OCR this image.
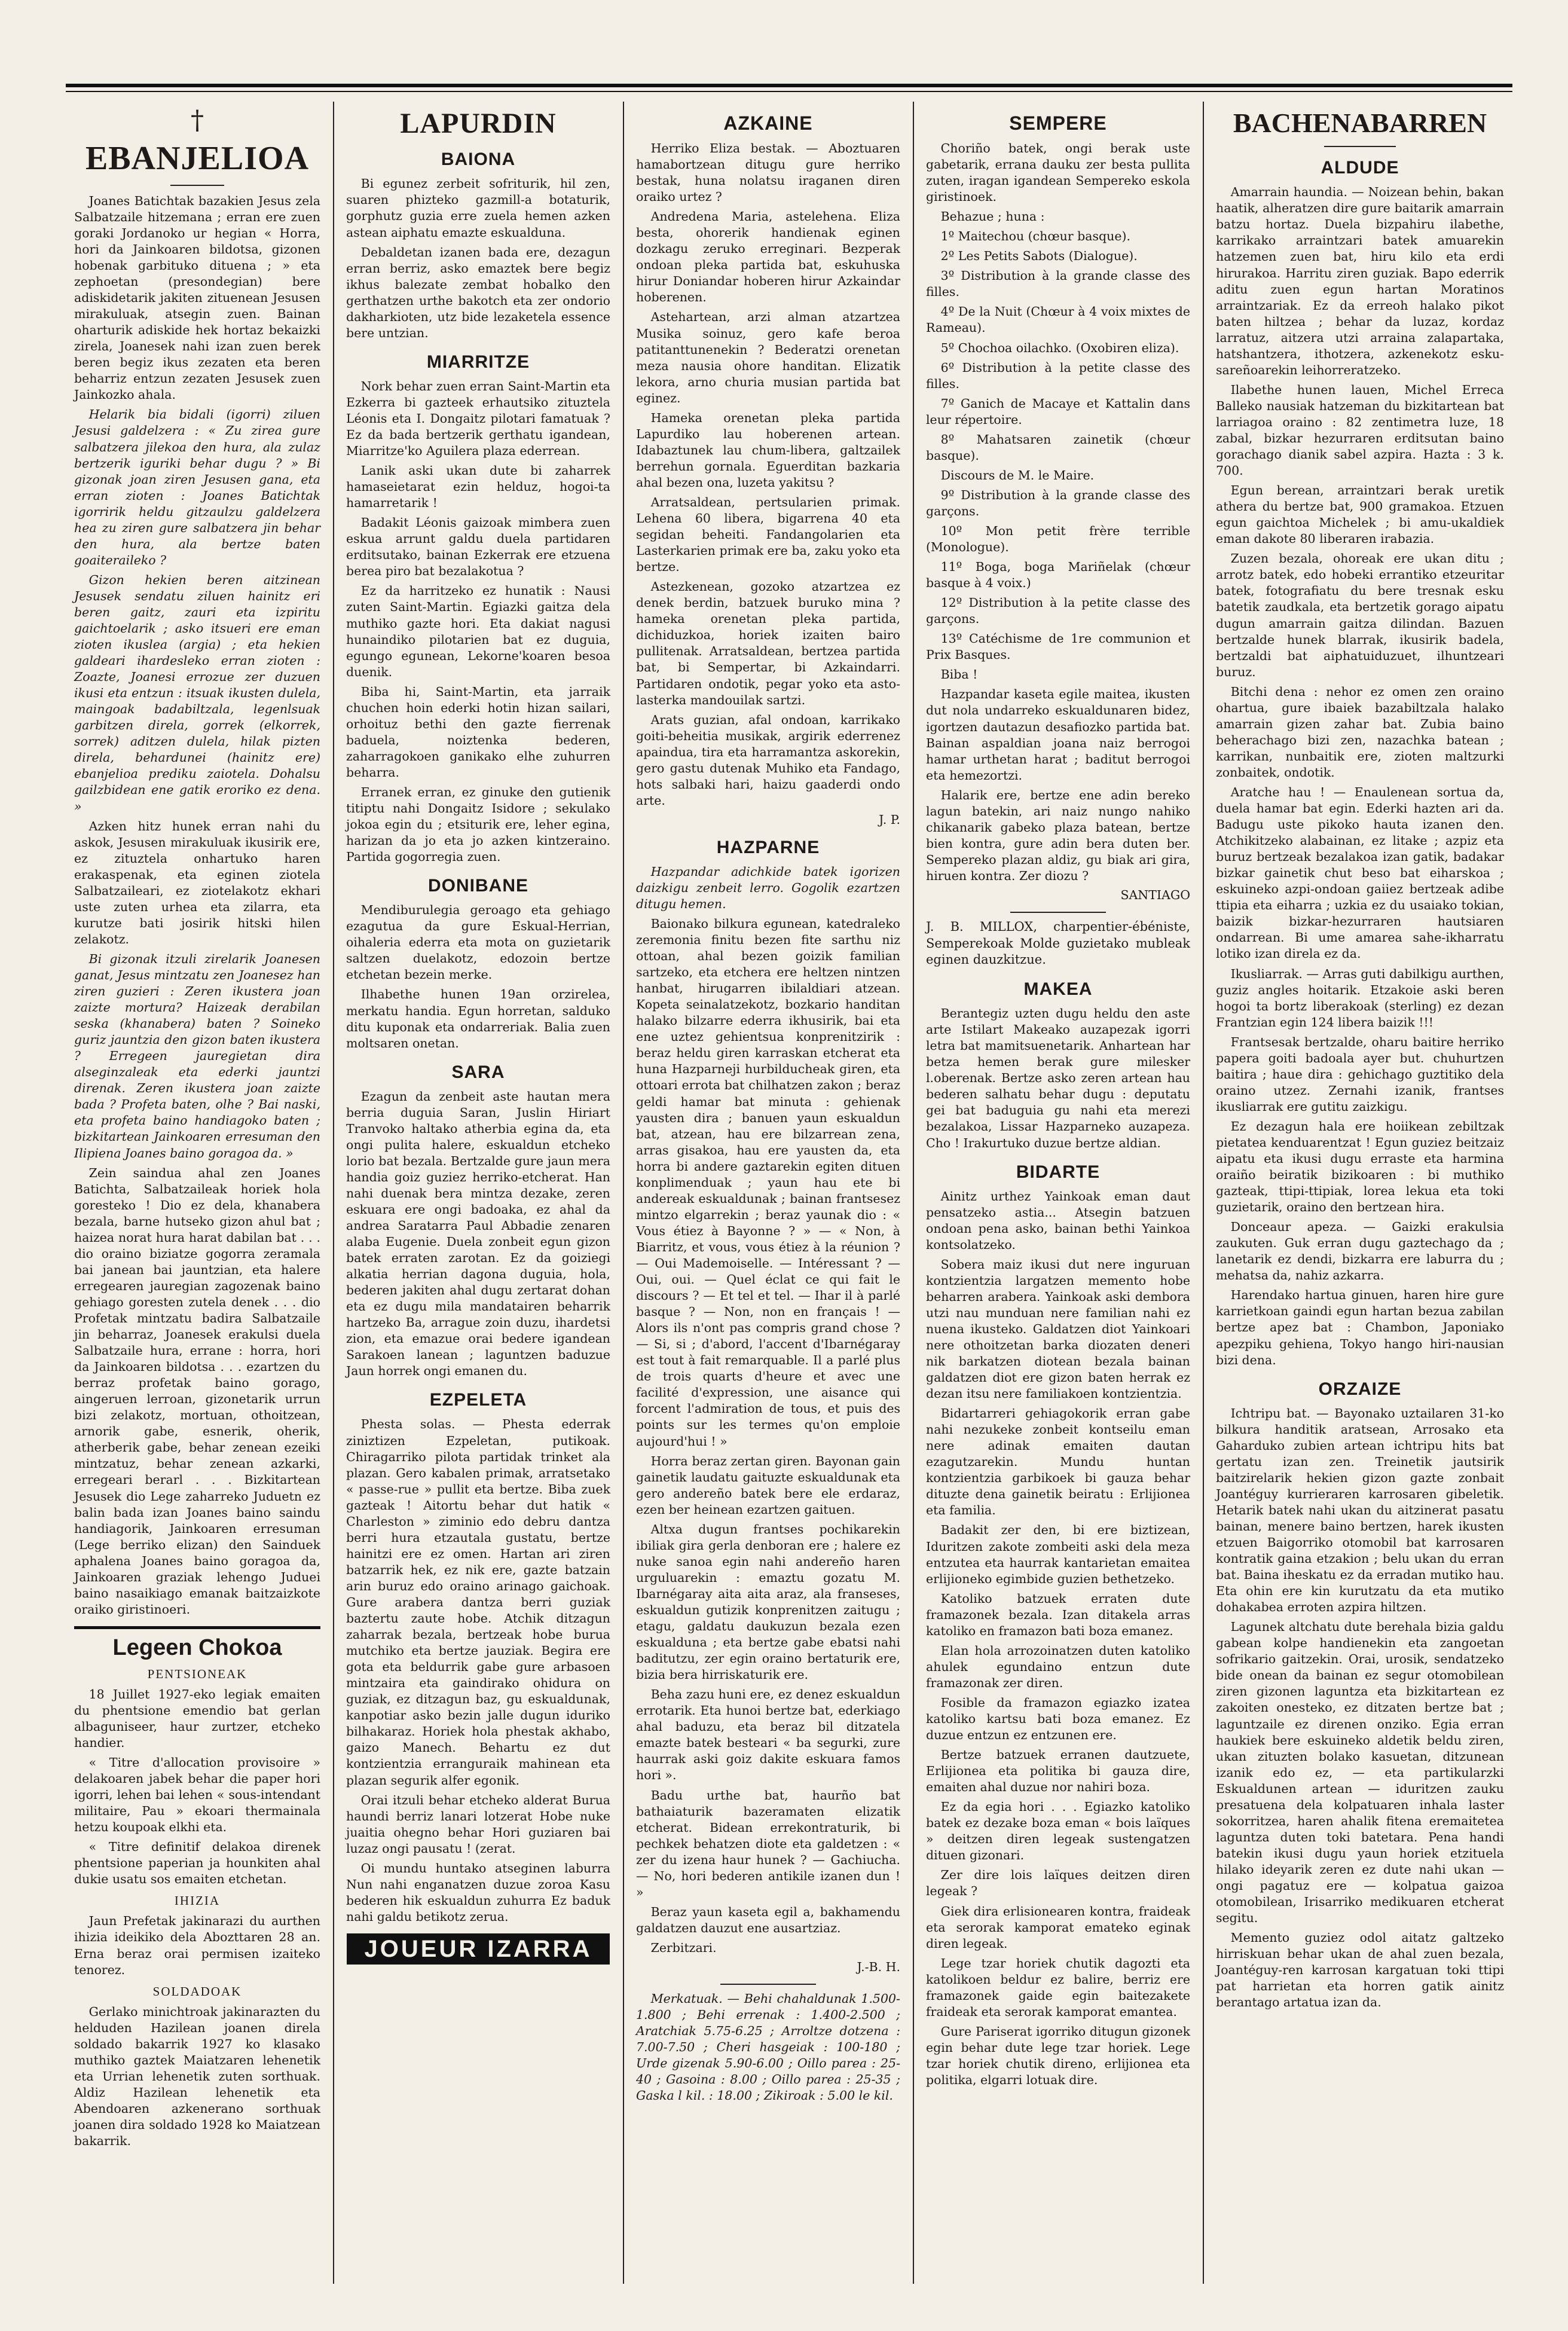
†
EBANJELIOA

Joanes Batichtak bazakien Jesus zela Salbatzaile hitzemana ; erran ere zuen goraki Jordanoko ur hegian « Horra, hori da Jainkoaren bildotsa, gizonen hobenak garbituko dituena ; » eta zephoetan (presondegian) bere adiskidetarik jakiten zituenean Jesusen mirakuluak, atsegin zuen. Bainan oharturik adiskide hek hortaz bekaizki zirela, Joanesek nahi izan zuen berek beren begiz ikus zezaten eta beren beharriz entzun zezaten Jesusek zuen Jainkozko ahala.

Helarik bia bidali (igorri) ziluen Jesusi galdelzera : « Zu zirea gure salbatzera jilekoa den hura, ala zulaz bertzerik iguriki behar dugu ? » Bi gizonak joan ziren Jesusen gana, eta erran zioten : Joanes Batichtak igorririk heldu gitzaulzu galdelzera hea zu ziren gure salbatzera jin behar den hura, ala bertze baten goaiteraileko ?

Gizon hekien beren aitzinean Jesusek sendatu ziluen hainitz eri beren gaitz, zauri eta izpiritu gaichtoelarik ; asko itsueri ere eman zioten ikuslea (argia) ; eta hekien galdeari ihardesleko erran zioten : Zoazte, Joanesi errozue zer duzuen ikusi eta entzun : itsuak ikusten dulela, maingoak badabiltzala, legenlsuak garbitzen direla, gorrek (elkorrek, sorrek) aditzen dulela, hilak pizten direla, behardunei (hainitz ere) ebanjelioa prediku zaiotela. Dohalsu gailzbidean ene gatik eroriko ez dena. »

Azken hitz hunek erran nahi du askok, Jesusen mirakuluak ikusirik ere, ez zituztela onhartuko haren erakaspenak, eta eginen ziotela Salbatzaileari, ez ziotelakotz ekhari uste zuten urhea eta zilarra, eta kurutze bati josirik hitski hilen zelakotz.

Bi gizonak itzuli zirelarik Joanesen ganat, Jesus mintzatu zen Joanesez han ziren guzieri : Zeren ikustera joan zaizte mortura? Haizeak derabilan seska (khanabera) baten ? Soineko guriz jauntzia den gizon baten ikustera ? Erregeen jauregietan dira alseginzaleak eta ederki jauntzi direnak. Zeren ikustera joan zaizte bada ? Profeta baten, olhe ? Bai naski, eta profeta baino handiagoko baten ; bizkitartean Jainkoaren erresuman den Ilipiena Joanes baino goragoa da. »

Zein saindua ahal zen Joanes Batichta, Salbatzaileak horiek hola goresteko ! Dio ez dela, khanabera bezala, barne hutseko gizon ahul bat ; haizea norat hura harat dabilan bat . . . dio oraino biziatze gogorra zeramala bai janean bai jauntzian, eta halere erregearen jauregian zagozenak baino gehiago goresten zutela denek . . . dio Profetak mintzatu badira Salbatzaile jin beharraz, Joanesek erakulsi duela Salbatzaile hura, errane : horra, hori da Jainkoaren bildotsa . . . ezartzen du berraz profetak baino gorago, aingeruen lerroan, gizonetarik urrun bizi zelakotz, mortuan, othoitzean, arnorik gabe, esnerik, oherik, atherberik gabe, behar zenean ezeiki mintzatuz, behar zenean azkarki, erregeari berarl . . . Bizkitartean Jesusek dio Lege zaharreko Juduetn ez balin bada izan Joanes baino saindu handiagorik, Jainkoaren erresuman (Lege berriko elizan) den Sainduek aphalena Joanes baino goragoa da, Jainkoaren graziak lehengo Juduei baino nasaikiago emanak baitzaizkote oraiko giristinoeri.

Legeen Chokoa
PENTSIONEAK

18 Juillet 1927-eko legiak emaiten du phentsione emendio bat gerlan albaguniseer, haur zurtzer, etcheko handier.

« Titre d'allocation provisoire » delakoaren jabek behar die paper hori igorri, lehen bai lehen « sous-intendant militaire, Pau » ekoari thermainala hetzu koupoak elkhi eta.

« Titre definitif delakoa direnek phentsione paperian ja hounkiten ahal dukie usatu sos emaiten etchetan.

IHIZIA

Jaun Prefetak jakinarazi du aurthen ihizia ideikiko dela Abozttaren 28 an. Erna beraz orai permisen izaiteko tenorez.

SOLDADOAK

Gerlako minichtroak jakinarazten du helduden Hazilean joanen direla soldado bakarrik 1927 ko klasako muthiko gaztek Maiatzaren lehenetik eta Urrian lehenetik zuten sorthuak. Aldiz Hazilean lehenetik eta Abendoaren azkenerano sorthuak joanen dira soldado 1928 ko Maiatzean bakarrik.

LAPURDIN
BAIONA

Bi egunez zerbeit sofriturik, hil zen, suaren phizteko gazmill-a botaturik, gorphutz guzia erre zuela hemen azken astean aiphatu emazte eskualduna.

Debaldetan izanen bada ere, dezagun erran berriz, asko emaztek bere begiz ikhus balezate zembat hobalko den gerthatzen urthe bakotch eta zer ondorio dakharkioten, utz bide lezaketela essence bere untzian.

MIARRITZE

Nork behar zuen erran Saint-Martin eta Ezkerra bi gazteek erhautsiko zituztela Léonis eta I. Dongaitz pilotari famatuak ? Ez da bada bertzerik gerthatu igandean, Miarritze'ko Aguilera plaza ederrean.

Lanik aski ukan dute bi zaharrek hamaseietarat ezin helduz, hogoi-ta hamarretarik !

Badakit Léonis gaizoak mimbera zuen eskua arrunt galdu duela partidaren erditsutako, bainan Ezkerrak ere etzuena berea piro bat bezalakotua ?

Ez da harritzeko ez hunatik : Nausi zuten Saint-Martin. Egiazki gaitza dela muthiko gazte hori. Eta dakiat nagusi hunaindiko pilotarien bat ez duguia, egungo egunean, Lekorne'koaren besoa duenik.

Biba hi, Saint-Martin, eta jarraik chuchen hoin ederki hotin hizan sailari, orhoituz bethi den gazte fierrenak baduela, noiztenka bederen, zaharragokoen ganikako elhe zuhurren beharra.

Erranek erran, ez ginuke den gutienik titiptu nahi Dongaitz Isidore ; sekulako jokoa egin du ; etsiturik ere, leher egina, harizan da jo eta jo azken kintzeraino. Partida gogorregia zuen.

DONIBANE

Mendiburulegia geroago eta gehiago ezagutua da gure Eskual-Herrian, oihaleria ederra eta mota on guzietarik saltzen duelakotz, edozoin bertze etchetan bezein merke.

Ilhabethe hunen 19an orzirelea, merkatu handia. Egun horretan, salduko ditu kuponak eta ondarreriak. Balia zuen moltsaren onetan.

SARA

Ezagun da zenbeit aste hautan mera berria duguia Saran, Juslin Hiriart Tranvoko haltako atherbia egina da, eta ongi pulita halere, eskualdun etcheko lorio bat bezala. Bertzalde gure jaun mera handia goiz guziez herriko-etcherat. Han nahi duenak bera mintza dezake, zeren eskuara ere ongi badoaka, ez ahal da andrea Saratarra Paul Abbadie zenaren alaba Eugenie. Duela zonbeit egun gizon batek erraten zarotan. Ez da goiziegi alkatia herrian dagona duguia, hola, bederen jakiten ahal dugu zertarat dohan eta ez dugu mila mandatairen beharrik hartzeko Ba, arrague zoin duzu, ihardetsi zion, eta emazue orai bedere igandean Sarakoen lanean ; laguntzen baduzue Jaun horrek ongi emanen du.

EZPELETA

Phesta solas. — Phesta ederrak ziniztizen Ezpeletan, putikoak. Chiragarriko pilota partidak trinket ala plazan. Gero kabalen primak, arratsetako « passe-rue » pullit eta bertze. Biba zuek gazteak ! Aitortu behar dut hatik « Charleston » ziminio edo debru dantza berri hura etzautala gustatu, bertze hainitzi ere ez omen. Hartan ari ziren batzarrik hek, ez nik ere, gazte batzain arin buruz edo oraino arinago gaichoak. Gure arabera dantza berri guziak baztertu zaute hobe. Atchik ditzagun zaharrak bezala, bertzeak hobe burua mutchiko eta bertze jauziak. Begira ere gota eta beldurrik gabe gure arbasoen mintzaira eta gaindirako ohidura on guziak, ez ditzagun baz, gu eskualdunak, kanpotiar asko bezin jalle dugun iduriko bilhakaraz. Horiek hola phestak akhabo, gaizo Manech. Behartu ez dut kontzientzia erranguraik mahinean eta plazan segurik alfer egonik.

Orai itzuli behar etcheko alderat Burua haundi berriz lanari lotzerat Hobe nuke juaitia ohegno behar Hori guziaren bai luzaz ongi pausatu ! (zerat.

Oi mundu huntako atseginen laburra Nun nahi enganatzen duzue zoroa Kasu bederen hik eskualdun zuhurra Ez baduk nahi galdu betikotz zerua.

JOUEUR IZARRA
AZKAINE

Herriko Eliza bestak. — Aboztuaren hamabortzean ditugu gure herriko bestak, huna nolatsu iraganen diren oraiko urtez ?

Andredena Maria, astelehena. Eliza besta, ohorerik handienak eginen dozkagu zeruko erreginari. Bezperak ondoan pleka partida bat, eskuhuska hirur Doniandar hoberen hirur Azkaindar hoberenen.

Astehartean, arzi alman atzartzea Musika soinuz, gero kafe beroa patitanttunenekin ? Bederatzi orenetan meza nausia ohore handitan. Elizatik lekora, arno churia musian partida bat eginez.

Hameka orenetan pleka partida Lapurdiko lau hoberenen artean. Idabaztunek lau chum-libera, galtzailek berrehun gornala. Eguerditan bazkaria ahal bezen ona, luzeta yakitsu ?

Arratsaldean, pertsularien primak. Lehena 60 libera, bigarrena 40 eta segidan beheiti. Fandangolarien eta Lasterkarien primak ere ba, zaku yoko eta bertze.

Astezkenean, gozoko atzartzea ez denek berdin, batzuek buruko mina ? hameka orenetan pleka partida, dichiduzkoa, horiek izaiten bairo pullitenak. Arratsaldean, bertzea partida bat, bi Sempertar, bi Azkaindarri. Partidaren ondotik, pegar yoko eta asto-lasterka mandouilak sartzi.

Arats guzian, afal ondoan, karrikako goiti-beheitia musikak, argirik ederrenez apaindua, tira eta harramantza askorekin, gero gastu dutenak Muhiko eta Fandago, hots salbaki hari, haizu gaaderdi ondo arte.

J. P.
HAZPARNE

Hazpandar adichkide batek igorizen daizkigu zenbeit lerro. Gogolik ezartzen ditugu hemen.

Baionako bilkura egunean, katedraleko zeremonia finitu bezen fite sarthu niz ottoan, ahal bezen goizik familian sartzeko, eta etchera ere heltzen nintzen hanbat, hirugarren ibilaldiari atzean. Kopeta seinalatzekotz, bozkario handitan halako bilzarre ederra ikhusirik, bai eta ene uztez gehientsua konprenitzirik : beraz heldu giren karraskan etcherat eta huna Hazparneji hurbilducheak giren, eta ottoari errota bat chilhatzen zakon ; beraz geldi hamar bat minuta : gehienak yausten dira ; banuen yaun eskualdun bat, atzean, hau ere bilzarrean zena, arras gisakoa, hau ere yausten da, eta horra bi andere gaztarekin egiten dituen konplimenduak ; yaun hau ete bi andereak eskualdunak ; bainan frantsesez mintzo elgarrekin ; beraz yaunak dio : « Vous étiez à Bayonne ? » — « Non, à Biarritz, et vous, vous étiez à la réunion ? — Oui Mademoiselle. — Intéressant ? — Oui, oui. — Quel éclat ce qui fait le discours ? — Et tel et tel. — Ihar il à parlé basque ? — Non, non en français ! — Alors ils n'ont pas compris grand chose ? — Si, si ; d'abord, l'accent d'Ibarnégaray est tout à fait remarquable. Il a parlé plus de trois quarts d'heure et avec une facilité d'expression, une aisance qui forcent l'admiration de tous, et puis des points sur les termes qu'on emploie aujourd'hui ! »

Horra beraz zertan giren. Bayonan gain gainetik laudatu gaituzte eskualdunak eta gero andereño batek bere ele erdaraz, ezen ber heinean ezartzen gaituen.

Altxa dugun frantses pochikarekin ibiliak gira gerla denboran ere ; halere ez nuke sanoa egin nahi andereño haren urguluarekin : emaztu gozatu M. Ibarnégaray aita aita araz, ala franseses, eskualdun gutizik konprenitzen zaitugu ; etagu, galdatu daukuzun bezala ezen eskualduna ; eta bertze gabe ebatsi nahi baditutzu, zer egin oraino bertaturik ere, bizia bera hirriskaturik ere.

Beha zazu huni ere, ez denez eskualdun errotarik. Eta hunoi bertze bat, ederkiago ahal baduzu, eta beraz bil ditzatela emazte batek besteari « ba segurki, zure haurrak aski goiz dakite eskuara famos hori ».

Badu urthe bat, haurño bat bathaiaturik bazeramaten elizatik etcherat. Bidean errekontraturik, bi pechkek behatzen diote eta galdetzen : « zer du izena haur hunek ? — Gachiucha. — No, hori bederen antikile izanen dun ! »

Beraz yaun kaseta egil a, bakhamendu galdatzen dauzut ene ausartziaz.

Zerbitzari.

J.-B. H.

Merkatuak. — Behi chahaldunak 1.500-1.800 ; Behi errenak : 1.400-2.500 ; Aratchiak 5.75-6.25 ; Arroltze dotzena : 7.00-7.50 ; Cheri hasgeiak : 100-180 ; Urde gizenak 5.90-6.00 ; Oillo parea : 25-40 ; Gasoina : 8.00 ; Oillo parea : 25-35 ; Gaska l kil. : 18.00 ; Zikiroak : 5.00 le kil.

SEMPERE

Choriño batek, ongi berak uste gabetarik, errana dauku zer besta pullita zuten, iragan igandean Sempereko eskola giristinoek.

Behazue ; huna :

1º Maitechou (chœur basque).

2º Les Petits Sabots (Dialogue).

3º Distribution à la grande classe des filles.

4º De la Nuit (Chœur à 4 voix mixtes de Rameau).

5º Chochoa oilachko. (Oxobiren eliza).

6º Distribution à la petite classe des filles.

7º Ganich de Macaye et Kattalin dans leur répertoire.

8º Mahatsaren zainetik (chœur basque).

Discours de M. le Maire.

9º Distribution à la grande classe des garçons.

10º Mon petit frère terrible (Monologue).

11º Boga, boga Mariñelak (chœur basque à 4 voix.)

12º Distribution à la petite classe des garçons.

13º Catéchisme de 1re communion et Prix Basques.

Biba !

Hazpandar kaseta egile maitea, ikusten dut nola undarreko eskualdunaren bidez, igortzen dautazun desafiozko partida bat. Bainan aspaldian joana naiz berrogoi hamar urthetan harat ; baditut berrogoi eta hemezortzi.

Halarik ere, bertze ene adin bereko lagun batekin, ari naiz nungo nahiko chikanarik gabeko plaza batean, bertze bien kontra, gure adin bera duten ber. Sempereko plazan aldiz, gu biak ari gira, hiruen kontra. Zer diozu ?

SANTIAGO

J. B. MILLOX, charpentier-ébéniste, Semperekoak Molde guzietako mubleak eginen dauzkitzue.

MAKEA

Berantegiz uzten dugu heldu den aste arte Istilart Makeako auzapezak igorri letra bat mamitsuenetarik. Anhartean har betza hemen berak gure milesker l.oberenak. Bertze asko zeren artean hau bederen salhatu behar dugu : deputatu gei bat baduguia gu nahi eta merezi bezalakoa, Lissar Hazparneko auzapeza. Cho ! Irakurtuko duzue bertze aldian.

BIDARTE

Ainitz urthez Yainkoak eman daut pensatzeko astia... Atsegin batzuen ondoan pena asko, bainan bethi Yainkoa kontsolatzeko.

Sobera maiz ikusi dut nere inguruan kontzientzia largatzen memento hobe beharren arabera. Yainkoak aski dembora utzi nau munduan nere familian nahi ez nuena ikusteko. Galdatzen diot Yainkoari nere othoitzetan barka diozaten deneri nik barkatzen diotean bezala bainan galdatzen diot ere gizon baten herrak ez dezan itsu nere familiakoen kontzientzia.

Bidartarreri gehiagokorik erran gabe nahi nezukeke zonbeit kontseilu eman nere adinak emaiten dautan ezagutzarekin. Mundu huntan kontzientzia garbikoek bi gauza behar dituzte dena gainetik beiratu : Erlijionea eta familia.

Badakit zer den, bi ere biztizean, Iduritzen zakote zombeiti aski dela meza entzutea eta haurrak kantarietan emaitea erlijioneko egimbide guzien bethetzeko.

Katoliko batzuek erraten dute framazonek bezala. Izan ditakela arras katoliko en framazon bati boza emanez.

Elan hola arrozoinatzen duten katoliko ahulek egundaino entzun dute framazonak zer diren.

Fosible da framazon egiazko izatea katoliko kartsu bati boza emanez. Ez duzue entzun ez entzunen ere.

Bertze batzuek erranen dautzuete, Erlijionea eta politika bi gauza dire, emaiten ahal duzue nor nahiri boza.

Ez da egia hori . . . Egiazko katoliko batek ez dezake boza eman « bois laïques » deitzen diren legeak sustengatzen dituen gizonari.

Zer dire lois laïques deitzen diren legeak ?

Giek dira erlisionearen kontra, fraideak eta serorak kamporat emateko eginak diren legeak.

Lege tzar horiek chutik dagozti eta katolikoen beldur ez balire, berriz ere framazonek gaide egin baitezakete fraideak eta serorak kamporat emantea.

Gure Pariserat igorriko ditugun gizonek egin behar dute lege tzar horiek. Lege tzar horiek chutik direno, erlijionea eta politika, elgarri lotuak dire.

BACHENABARREN
ALDUDE

Amarrain haundia. — Noizean behin, bakan haatik, alheratzen dire gure baitarik amarrain batzu hortaz. Duela bizpahiru ilabethe, karrikako arraintzari batek amuarekin hatzemen zuen bat, hiru kilo eta erdi hirurakoa. Harritu ziren guziak. Bapo ederrik aditu zuen egun hartan Moratinos arraintzariak. Ez da erreoh halako pikot baten hiltzea ; behar da luzaz, kordaz larratuz, aitzera utzi arraina zalapartaka, hatshantzera, ithotzera, azkenekotz esku-sareñoarekin leihorreratzeko.

Ilabethe hunen lauen, Michel Erreca Balleko nausiak hatzeman du bizkitartean bat larriagoa oraino : 82 zentimetra luze, 18 zabal, bizkar hezurraren erditsutan baino gorachago dianik sabel azpira. Hazta : 3 k. 700.

Egun berean, arraintzari berak uretik athera du bertze bat, 900 gramakoa. Etzuen egun gaichtoa Michelek ; bi amu-ukaldiek eman dakote 80 liberaren irabazia.

Zuzen bezala, ohoreak ere ukan ditu ; arrotz batek, edo hobeki errantiko etzeuritar batek, fotografiatu du bere tresnak esku batetik zaudkala, eta bertzetik gorago aipatu dugun amarrain gaitza dilindan. Bazuen bertzalde hunek blarrak, ikusirik badela, bertzaldi bat aiphatuiduzuet, ilhuntzeari buruz.

Bitchi dena : nehor ez omen zen oraino ohartua, gure ibaiek bazabiltzala halako amarrain gizen zahar bat. Zubia baino beherachago bizi zen, nazachka batean ; karrikan, nunbaitik ere, zioten maltzurki zonbaitek, ondotik.

Aratche hau ! — Enaulenean sortua da, duela hamar bat egin. Ederki hazten ari da. Badugu uste pikoko hauta izanen den. Atchikitzeko alabainan, ez litake ; azpiz eta buruz bertzeak bezalakoa izan gatik, badakar bizkar gainetik chut beso bat eiharskoa ; eskuineko azpi-ondoan gaiiez bertzeak adibe ttipia eta eiharra ; uzkia ez du usaiako tokian, baizik bizkar-hezurraren hautsiaren ondarrean. Bi ume amarea sahe-ikharratu lotiko izan direla ez da.

Ikusliarrak. — Arras guti dabilkigu aurthen, guziz angles hoitarik. Etzakoie aski beren hogoi ta bortz liberakoak (sterling) ez dezan Frantzian egin 124 libera baizik !!!

Frantsesak bertzalde, oharu baitire herriko papera goiti badoala ayer but. chuhurtzen baitira ; haue dira : gehichago guztitiko dela oraino utzez. Zernahi izanik, frantses ikusliarrak ere gutitu zaizkigu.

Ez dezagun hala ere hoiikean zebiltzak pietatea kenduarentzat ! Egun guziez beitzaiz aipatu eta ikusi dugu erraste eta harmina oraiño beiratik bizikoaren : bi muthiko gazteak, ttipi-ttipiak, lorea lekua eta toki guzietarik, oraino den bertzean hira.

Donceaur apeza. — Gaizki erakulsia zaukuten. Guk erran dugu gaztechago da ; lanetarik ez dendi, bizkarra ere laburra du ; mehatsa da, nahiz azkarra.

Harendako hartua ginuen, haren hire gure karrietkoan gaindi egun hartan bezua zabilan bertze apez bat : Chambon, Japoniako apezpiku gehiena, Tokyo hango hiri-nausian bizi dena.

ORZAIZE

Ichtripu bat. — Bayonako uztailaren 31-ko bilkura handitik aratsean, Arrosako eta Gaharduko zubien artean ichtripu hits bat gertatu izan zen. Treinetik jautsirik baitzirelarik hekien gizon gazte zonbait Joantéguy kurrieraren karrosaren gibeletik. Hetarik batek nahi ukan du aitzinerat pasatu bainan, menere baino bertzen, harek ikusten etzuen Baigorriko otomobil bat karrosaren kontratik gaina etzakion ; belu ukan du erran bat. Baina iheskatu ez da erradan mutiko hau. Eta ohin ere kin kurutzatu da eta mutiko dohakabea erroten azpira hiltzen.

Lagunek altchatu dute berehala bizia galdu gabean kolpe handienekin eta zangoetan sofrikario gaitzekin. Orai, urosik, sendatzeko bide onean da bainan ez segur otomobilean ziren gizonen laguntza eta bizkitartean ez zakoiten onesteko, ez ditzaten bertze bat ; laguntzaile ez direnen onziko. Egia erran haukiek bere eskuineko aldetik beldu ziren, ukan zituzten bolako kasuetan, ditzunean izanik edo ez, — eta partikularzki Eskualdunen artean — iduritzen zauku presatuena dela kolpatuaren inhala laster sokorritzea, haren ahalik fitena eremaitetea laguntza duten toki batetara. Pena handi batekin ikusi dugu yaun horiek etzituela hilako ideyarik zeren ez dute nahi ukan — ongi pagatuz ere — kolpatua gaizoa otomobilean, Irisarriko medikuaren etcherat segitu.

Memento guziez odol aitatz galtzeko hirriskuan behar ukan de ahal zuen bezala, Joantéguy-ren karrosan kargatuan toki ttipi pat harrietan eta horren gatik ainitz berantago artatua izan da.
